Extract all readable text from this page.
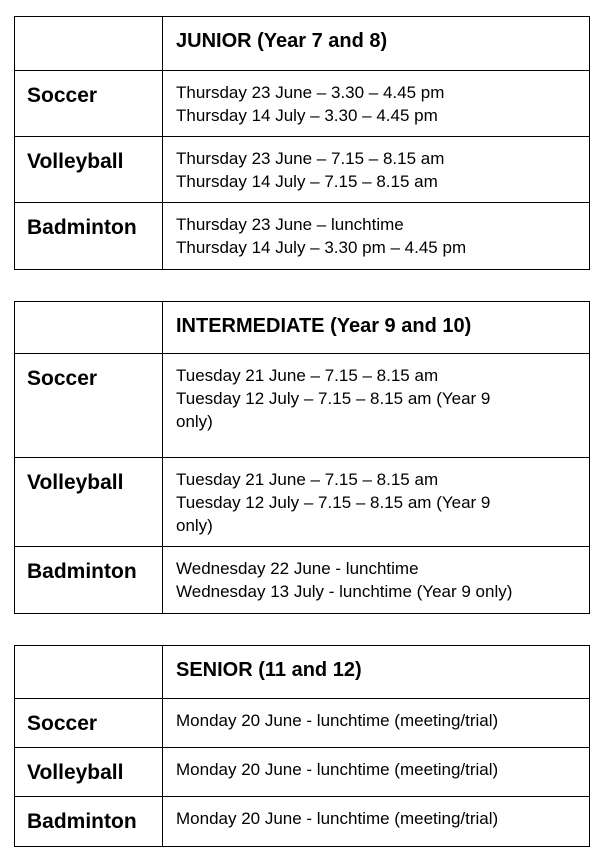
	JUNIOR (Year 7 and 8)
Soccer	Thursday 23 June – 3.30 – 4.45 pm
Thursday 14 July – 3.30 – 4.45 pm

Volleyball	Thursday 23 June – 7.15 – 8.15 am
Thursday 14 July – 7.15 – 8.15 am

Badminton	Thursday 23 June – lunchtime
Thursday 14 July – 3.30 pm – 4.45 pm
	INTERMEDIATE (Year 9 and 10)
Soccer	Tuesday 21 June – 7.15 – 8.15 am
Tuesday 12 July – 7.15 – 8.15 am (Year 9
only)

Volleyball	Tuesday 21 June – 7.15 – 8.15 am
Tuesday 12 July – 7.15 – 8.15 am (Year 9
only)

Badminton	Wednesday 22 June - lunchtime
Wednesday 13 July - lunchtime (Year 9 only)
	SENIOR (11 and 12)
Soccer	Monday 20 June - lunchtime (meeting/trial)

Volleyball	Monday 20 June - lunchtime (meeting/trial)

Badminton	Monday 20 June - lunchtime (meeting/trial)
